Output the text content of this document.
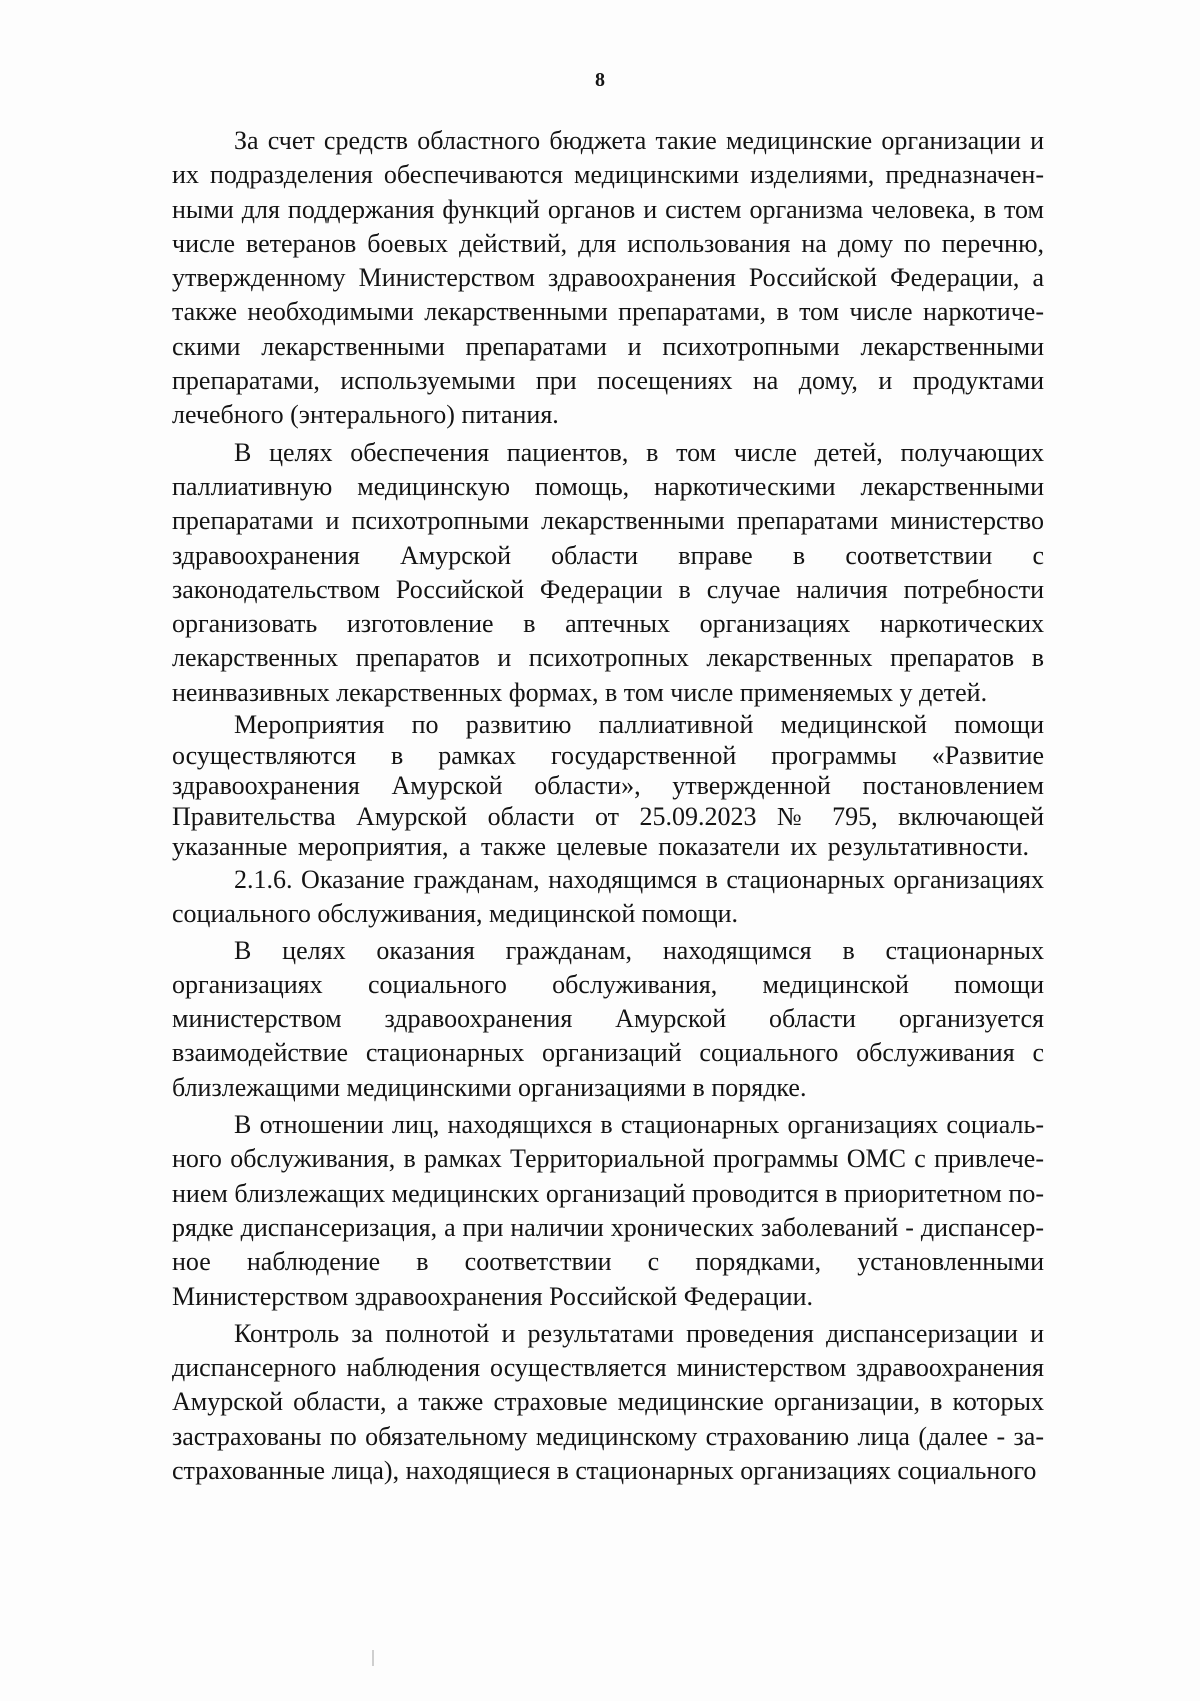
8

За счет средств областного бюджета такие медицинские организации и их подразделения обеспечиваются медицинскими изделиями, предназначенными для поддержания функций органов и систем организма человека, в том числе ветеранов боевых действий, для использования на дому по перечню, утвержденному Министерством здравоохранения Российской Федерации, а также необходимыми лекарственными препаратами, в том числе наркотическими лекарственными препаратами и психотропными лекарственными препаратами, используемыми при посещениях на дому, и продуктами лечебного (энтерального) питания.

В целях обеспечения пациентов, в том числе детей, получающих паллиативную медицинскую помощь, наркотическими лекарственными препаратами и психотропными лекарственными препаратами министерство здравоохранения Амурской области вправе в соответствии с законодательством Российской Федерации в случае наличия потребности организовать изготовление в аптечных организациях наркотических лекарственных препаратов и психотропных лекарственных препаратов в неинвазивных лекарственных формах, в том числе применяемых у детей.

Мероприятия по развитию паллиативной медицинской помощи осуществляются в рамках государственной программы «Развитие здравоохранения Амурской области», утвержденной постановлением Правительства Амурской области от 25.09.2023 № 795, включающей указанные мероприятия, а также целевые показатели их результативности.

2.1.6. Оказание гражданам, находящимся в стационарных организациях социального обслуживания, медицинской помощи.

В целях оказания гражданам, находящимся в стационарных организациях социального обслуживания, медицинской помощи министерством здравоохранения Амурской области организуется взаимодействие стационарных организаций социального обслуживания с близлежащими медицинскими организациями в порядке.

В отношении лиц, находящихся в стационарных организациях социального обслуживания, в рамках Территориальной программы ОМС с привлечением близлежащих медицинских организаций проводится в приоритетном порядке диспансеризация, а при наличии хронических заболеваний - диспансерное наблюдение в соответствии с порядками, установленными Министерством здравоохранения Российской Федерации.

Контроль за полнотой и результатами проведения диспансеризации и диспансерного наблюдения осуществляется министерством здравоохранения Амурской области, а также страховые медицинские организации, в которых застрахованы по обязательному медицинскому страхованию лица (далее - застрахованные лица), находящиеся в стационарных организациях социального
